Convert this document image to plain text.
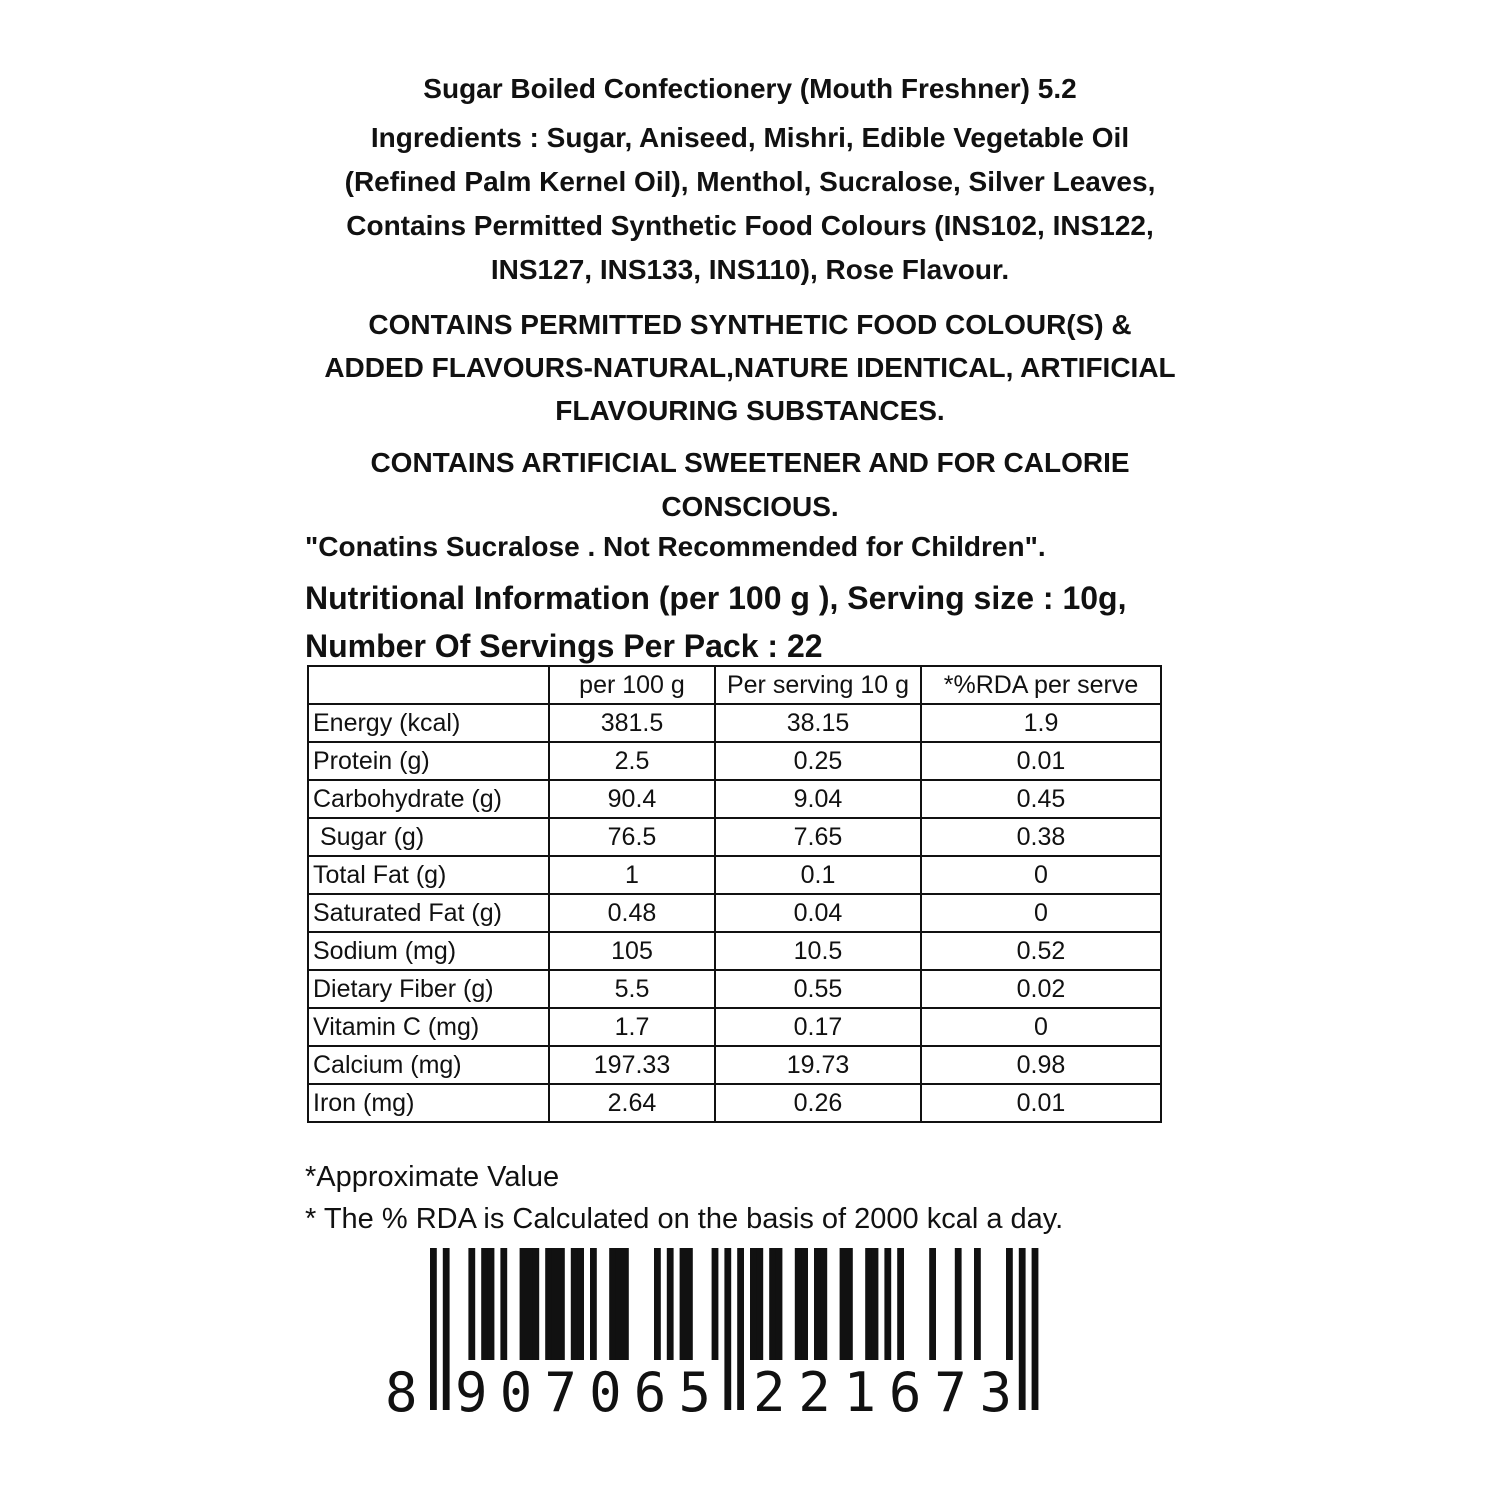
Sugar Boiled Confectionery (Mouth Freshner) 5.2
Ingredients : Sugar, Aniseed, Mishri, Edible Vegetable Oil
(Refined Palm Kernel Oil), Menthol, Sucralose, Silver Leaves,
Contains Permitted Synthetic Food Colours (INS102, INS122,
INS127, INS133, INS110), Rose Flavour.
CONTAINS PERMITTED SYNTHETIC FOOD COLOUR(S) &
ADDED FLAVOURS-NATURAL,NATURE IDENTICAL, ARTIFICIAL
FLAVOURING SUBSTANCES.
CONTAINS ARTIFICIAL SWEETENER AND FOR CALORIE
CONSCIOUS.
"Conatins Sucralose . Not Recommended for Children".
Nutritional Information (per 100 g ), Serving size : 10g,
Number Of Servings Per Pack : 22
	per 100 g	Per serving 10 g	*%RDA per serve
Energy (kcal)	381.5	38.15	1.9
Protein (g)	2.5	0.25	0.01
Carbohydrate (g)	90.4	9.04	0.45
Sugar (g)	76.5	7.65	0.38
Total Fat (g)	1	0.1	0
Saturated Fat (g)	0.48	0.04	0
Sodium (mg)	105	10.5	0.52
Dietary Fiber (g)	5.5	0.55	0.02
Vitamin C (mg)	1.7	0.17	0
Calcium (mg)	197.33	19.73	0.98
Iron (mg)	2.64	0.26	0.01
*Approximate Value
* The % RDA is Calculated on the basis of 2000 kcal a day.
8 907065 221673
